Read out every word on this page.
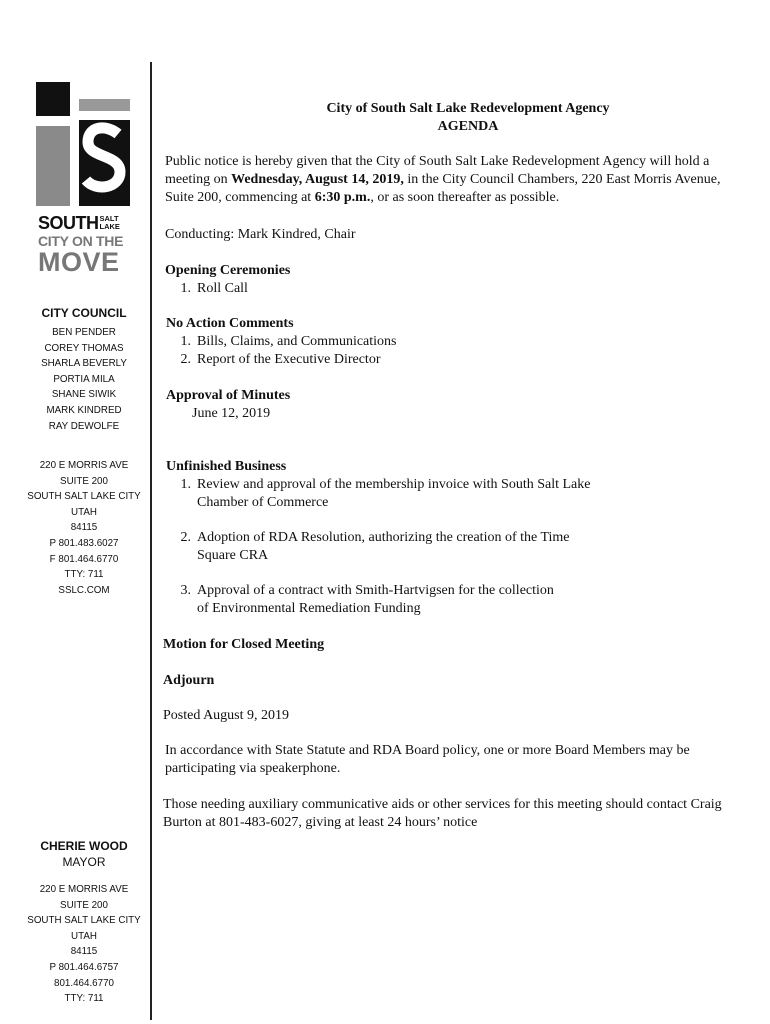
SOUTHSALT
LAKE
CITY ON THE
MOVE
CITY COUNCIL
BEN PENDER
COREY THOMAS
SHARLA BEVERLY
PORTIA MILA
SHANE SIWIK
MARK KINDRED
RAY DEWOLFE
220 E MORRIS AVE
SUITE 200
SOUTH SALT LAKE CITY
UTAH
84115
P 801.483.6027
F 801.464.6770
TTY: 711
SSLC.COM
CHERIE WOOD
MAYOR
220 E MORRIS AVE
SUITE 200
SOUTH SALT LAKE CITY
UTAH
84115
P 801.464.6757
801.464.6770
TTY: 711
City of South Salt Lake Redevelopment Agency
AGENDA

Public notice is hereby given that the City of South Salt Lake Redevelopment Agency will hold a meeting on Wednesday, August 14, 2019, in the City Council Chambers, 220 East Morris Avenue, Suite 200, commencing at 6:30 p.m., or as soon thereafter as possible.

Conducting: Mark Kindred, Chair

Opening Ceremonies

1. Roll Call

No Action Comments

1. Bills, Claims, and Communications
2. Report of the Executive Director

Approval of Minutes

June 12, 2019

Unfinished Business

1. Review and approval of the membership invoice with South Salt Lake
Chamber of Commerce
2. Adoption of RDA Resolution, authorizing the creation of the Time
Square CRA
3. Approval of a contract with Smith-Hartvigsen for the collection
of Environmental Remediation Funding

Motion for Closed Meeting

Adjourn

Posted August 9, 2019

In accordance with State Statute and RDA Board policy, one or more Board Members may be participating via speakerphone.

Those needing auxiliary communicative aids or other services for this meeting should contact Craig Burton at 801-483-6027, giving at least 24 hours’ notice
